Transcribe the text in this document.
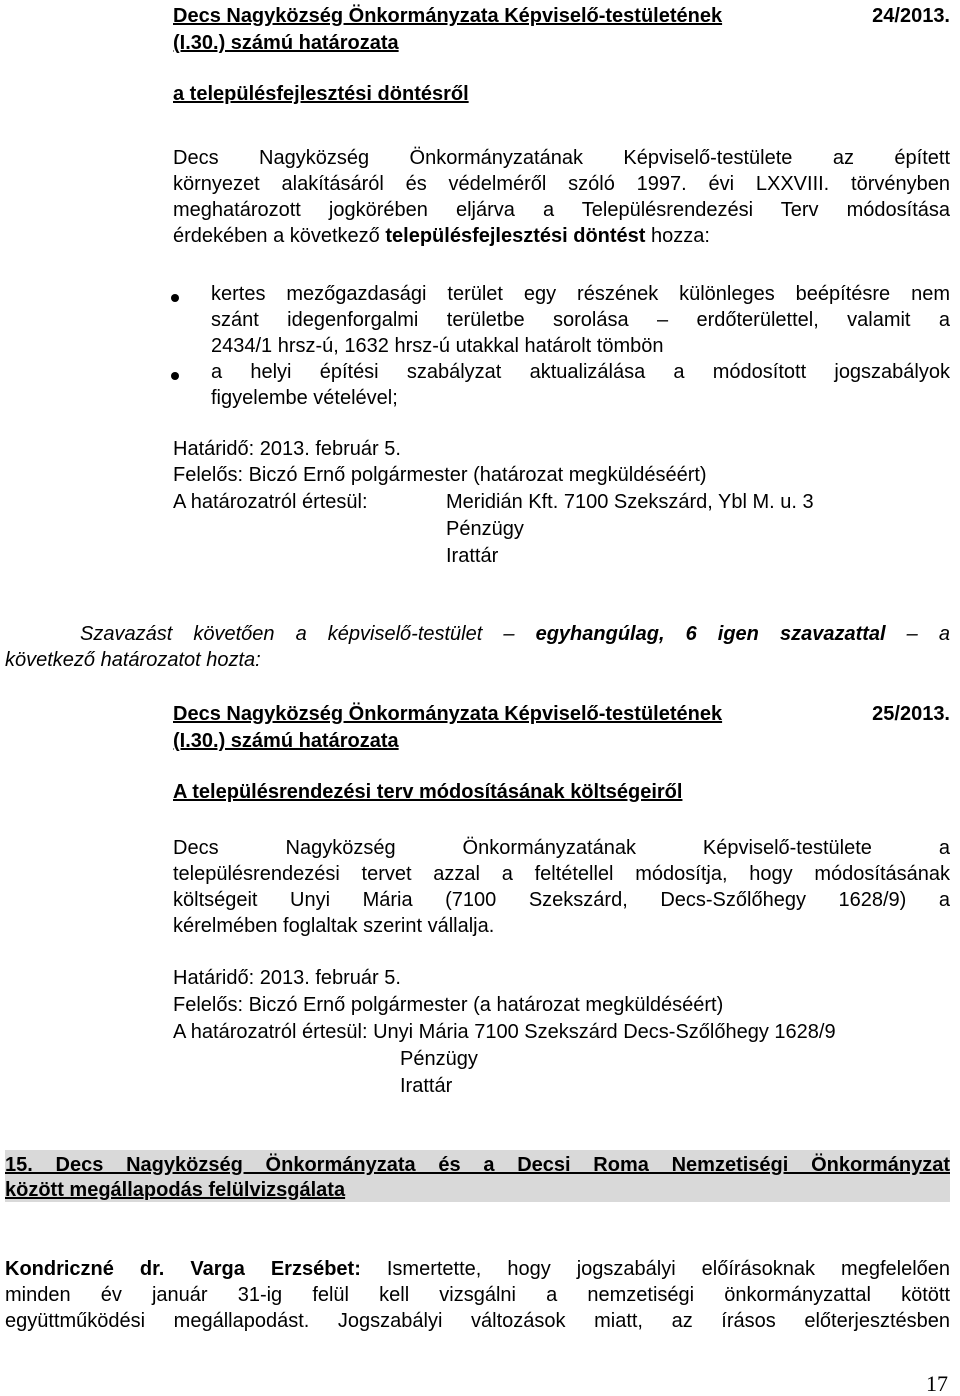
Decs Nagyközség Önkormányzata Képviselő-testületének	24/2013.
(I.30.) számú határozata
a településfejlesztési döntésről
Decs Nagyközség Önkormányzatának Képviselő-testülete az épített
környezet alakításáról és védelméről szóló 1997. évi LXXVIII. törvényben
meghatározott jogkörében eljárva a Településrendezési Terv módosítása
érdekében a következő településfejlesztési döntést hozza:
kertes mezőgazdasági terület egy részének különleges beépítésre nem
szánt idegenforgalmi területbe sorolása – erdőterülettel, valamit a
2434/1 hrsz-ú, 1632 hrsz-ú utakkal határolt tömbön
a helyi építési szabályzat aktualizálása a módosított jogszabályok
figyelembe vételével;
Határidő: 2013. február 5.
Felelős: Biczó Ernő polgármester (határozat megküldéséért)
A határozatról értesül:	Meridián Kft. 7100 Szekszárd, Ybl M. u. 3
Pénzügy
Irattár
Szavazást követően a képviselő-testület – egyhangúlag, 6 igen szavazattal – a
következő határozatot hozta:
Decs Nagyközség Önkormányzata Képviselő-testületének	25/2013.
(I.30.) számú határozata
A településrendezési terv módosításának költségeiről
Decs Nagyközség Önkormányzatának Képviselő-testülete a
településrendezési tervet azzal a feltétellel módosítja, hogy módosításának
költségeit Unyi Mária (7100 Szekszárd, Decs-Szőlőhegy 1628/9) a
kérelmében foglaltak szerint vállalja.
Határidő: 2013. február 5.
Felelős: Biczó Ernő polgármester (a határozat megküldéséért)
A határozatról értesül: Unyi Mária 7100 Szekszárd Decs-Szőlőhegy 1628/9
Pénzügy
Irattár
15. Decs Nagyközség Önkormányzata és a Decsi Roma Nemzetiségi Önkormányzat
között megállapodás felülvizsgálata
Kondriczné dr. Varga Erzsébet: Ismertette, hogy jogszabályi előírásoknak megfelelően
minden év január 31-ig felül kell vizsgálni a nemzetiségi önkormányzattal kötött
együttműködési megállapodást. Jogszabályi változások miatt, az írásos előterjesztésben
17
